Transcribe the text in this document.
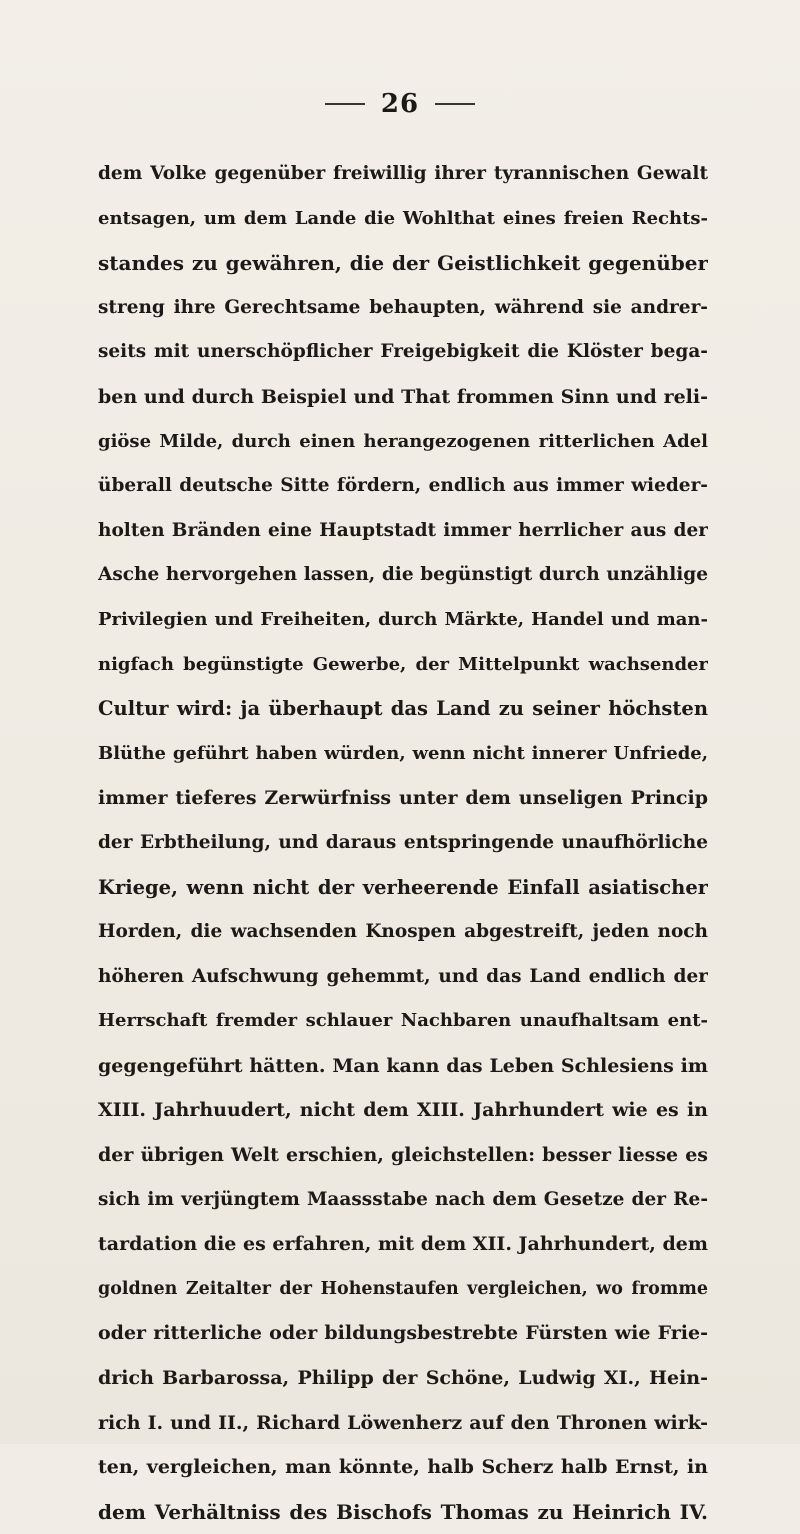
26
dem Volke gegenüber freiwillig ihrer tyrannischen Gewalt
entsagen, um dem Lande die Wohlthat eines freien Rechts-
standes zu gewähren, die der Geistlichkeit gegenüber
streng ihre Gerechtsame behaupten, während sie andrer-
seits mit unerschöpflicher Freigebigkeit die Klöster bega-
ben und durch Beispiel und That frommen Sinn und reli-
giöse Milde, durch einen herangezogenen ritterlichen Adel
überall deutsche Sitte fördern, endlich aus immer wieder-
holten Bränden eine Hauptstadt immer herrlicher aus der
Asche hervorgehen lassen, die begünstigt durch unzählige
Privilegien und Freiheiten, durch Märkte, Handel und man-
nigfach begünstigte Gewerbe, der Mittelpunkt wachsender
Cultur wird: ja überhaupt das Land zu seiner höchsten
Blüthe geführt haben würden, wenn nicht innerer Unfriede,
immer tieferes Zerwürfniss unter dem unseligen Princip
der Erbtheilung, und daraus entspringende unaufhörliche
Kriege, wenn nicht der verheerende Einfall asiatischer
Horden, die wachsenden Knospen abgestreift, jeden noch
höheren Aufschwung gehemmt, und das Land endlich der
Herrschaft fremder schlauer Nachbaren unaufhaltsam ent-
gegengeführt hätten. Man kann das Leben Schlesiens im
XIII. Jahrhuudert, nicht dem XIII. Jahrhundert wie es in
der übrigen Welt erschien, gleichstellen: besser liesse es
sich im verjüngtem Maassstabe nach dem Gesetze der Re-
tardation die es erfahren, mit dem XII. Jahrhundert, dem
goldnen Zeitalter der Hohenstaufen vergleichen, wo fromme
oder ritterliche oder bildungsbestrebte Fürsten wie Frie-
drich Barbarossa, Philipp der Schöne, Ludwig XI., Hein-
rich I. und II., Richard Löwenherz auf den Thronen wirk-
ten, vergleichen, man könnte, halb Scherz halb Ernst, in
dem Verhältniss des Bischofs Thomas zu Heinrich IV.
